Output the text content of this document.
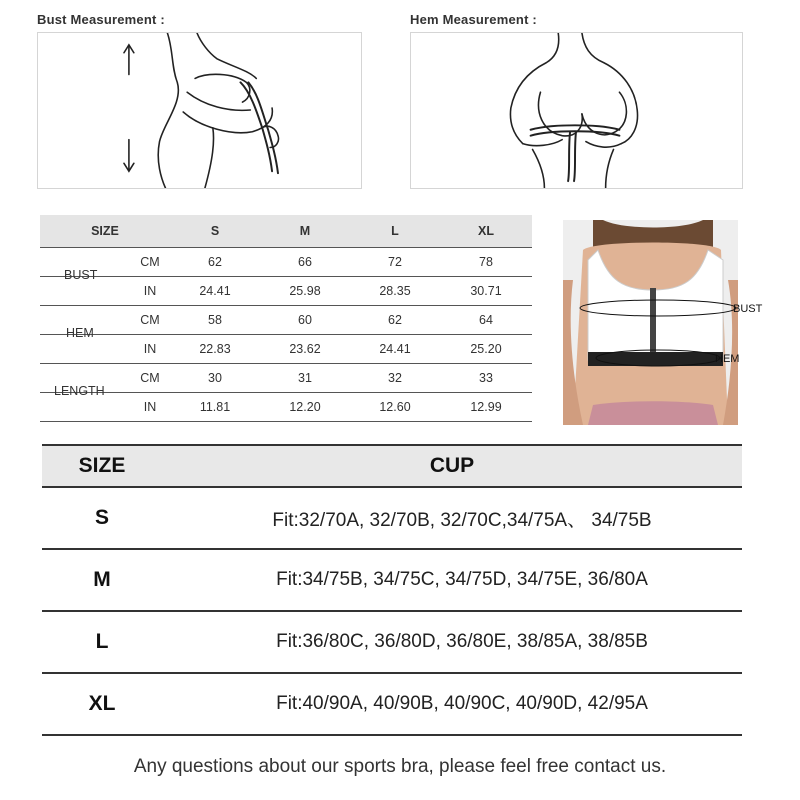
Bust Measurement :	Hem Measurement :
SIZE	S	M	L	XL

BUST
CM	62	66	72	78
IN	24.41	25.98	28.35	30.71

HEM
CM	58	60	62	64
IN	22.83	23.62	24.41	25.20

LENGTH
CM	30	31	32	33
IN	11.81	12.20	12.60	12.99
BUST
HEM
SIZE	CUP
S	Fit:32/70A, 32/70B, 32/70C,34/75A、 34/75B
M	Fit:34/75B, 34/75C, 34/75D, 34/75E, 36/80A
L	Fit:36/80C, 36/80D, 36/80E, 38/85A, 38/85B
XL	Fit:40/90A, 40/90B, 40/90C, 40/90D, 42/95A
Any questions about our sports bra, please feel free contact us.
